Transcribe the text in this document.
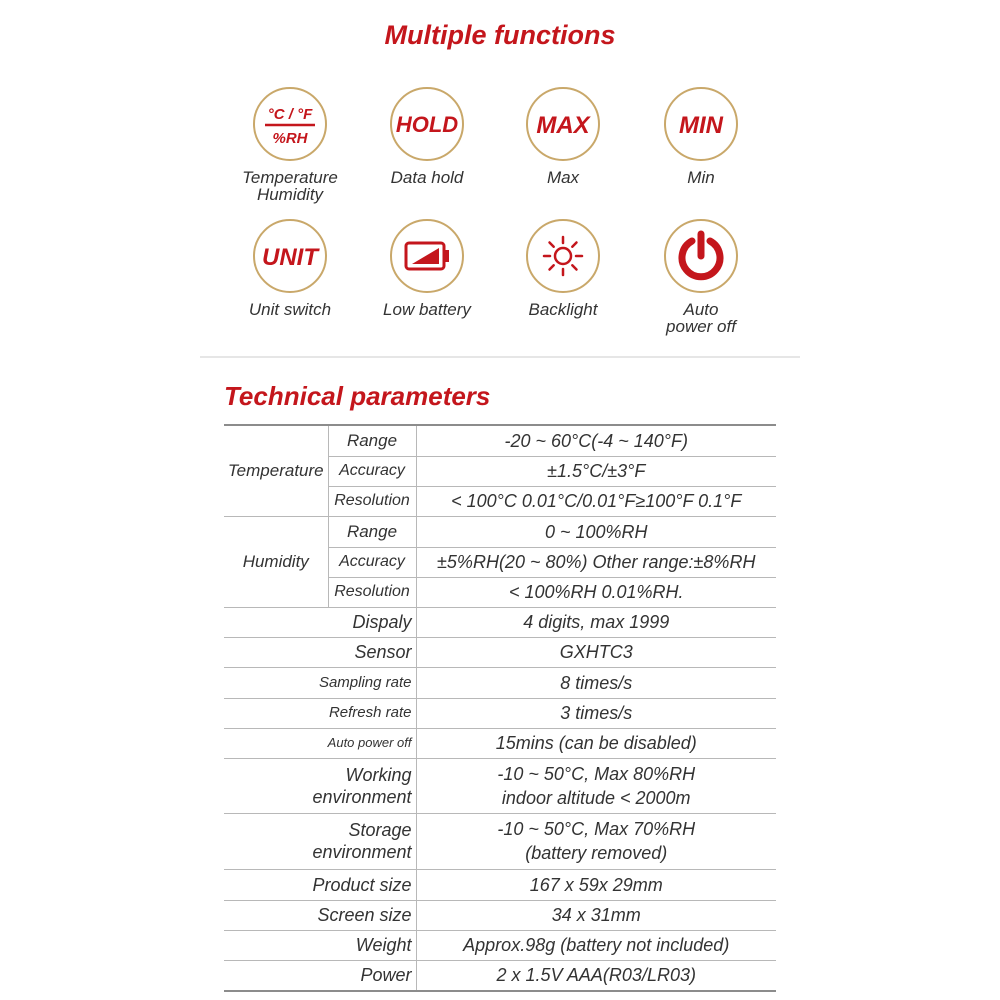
Multiple functions
°C / °F
%RH
Temperature
Humidity
HOLD
Data hold
MAX
Max
MIN
Min
UNIT
Unit switch	Low battery	Backlight	Auto
power off
Technical parameters
Temperature	Range	-20 ~ 60°C(-4 ~ 140°F)
	Accuracy	±1.5°C/±3°F
	Resolution	< 100°C 0.01°C/0.01°F≥100°F 0.1°F
Humidity	Range	0 ~ 100%RH
	Accuracy	±5%RH(20 ~ 80%) Other range:±8%RH
	Resolution	< 100%RH 0.01%RH.
Dispaly		4 digits, max 1999
Sensor		GXHTC3
Sampling rate		8 times/s
Refresh rate		3 times/s
Auto power off		15mins (can be disabled)

Working
environment		-10 ~ 50°C, Max 80%RH
indoor altitude < 2000m

Storage
environment		-10 ~ 50°C, Max 70%RH
(battery removed)

Product size		167 x 59x 29mm
Screen size		34 x 31mm
Weight		Approx.98g (battery not included)
Power		2 x 1.5V AAA(R03/LR03)
